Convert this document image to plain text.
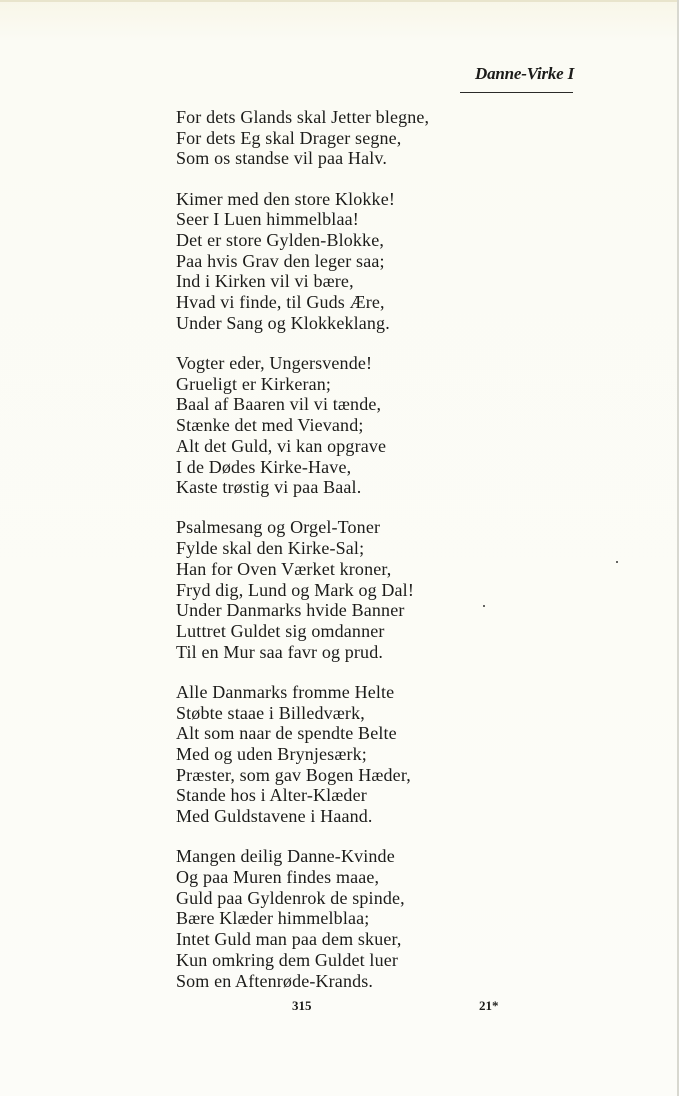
Danne-Virke I
For dets Glands skal Jetter blegne,
For dets Eg skal Drager segne,
Som os standse vil paa Halv.
Kimer med den store Klokke!
Seer I Luen himmelblaa!
Det er store Gylden-Blokke,
Paa hvis Grav den leger saa;
Ind i Kirken vil vi bære,
Hvad vi finde, til Guds Ære,
Under Sang og Klokkeklang.
Vogter eder, Ungersvende!
Grueligt er Kirkeran;
Baal af Baaren vil vi tænde,
Stænke det med Vievand;
Alt det Guld, vi kan opgrave
I de Dødes Kirke-Have,
Kaste trøstig vi paa Baal.
Psalmesang og Orgel-Toner
Fylde skal den Kirke-Sal;
Han for Oven Værket kroner,
Fryd dig, Lund og Mark og Dal!
Under Danmarks hvide Banner
Luttret Guldet sig omdanner
Til en Mur saa favr og prud.
Alle Danmarks fromme Helte
Støbte staae i Billedværk,
Alt som naar de spendte Belte
Med og uden Brynjesærk;
Præster, som gav Bogen Hæder,
Stande hos i Alter-Klæder
Med Guldstavene i Haand.
Mangen deilig Danne-Kvinde
Og paa Muren findes maae,
Guld paa Gyldenrok de spinde,
Bære Klæder himmelblaa;
Intet Guld man paa dem skuer,
Kun omkring dem Guldet luer
Som en Aftenrøde-Krands.
315	21*
